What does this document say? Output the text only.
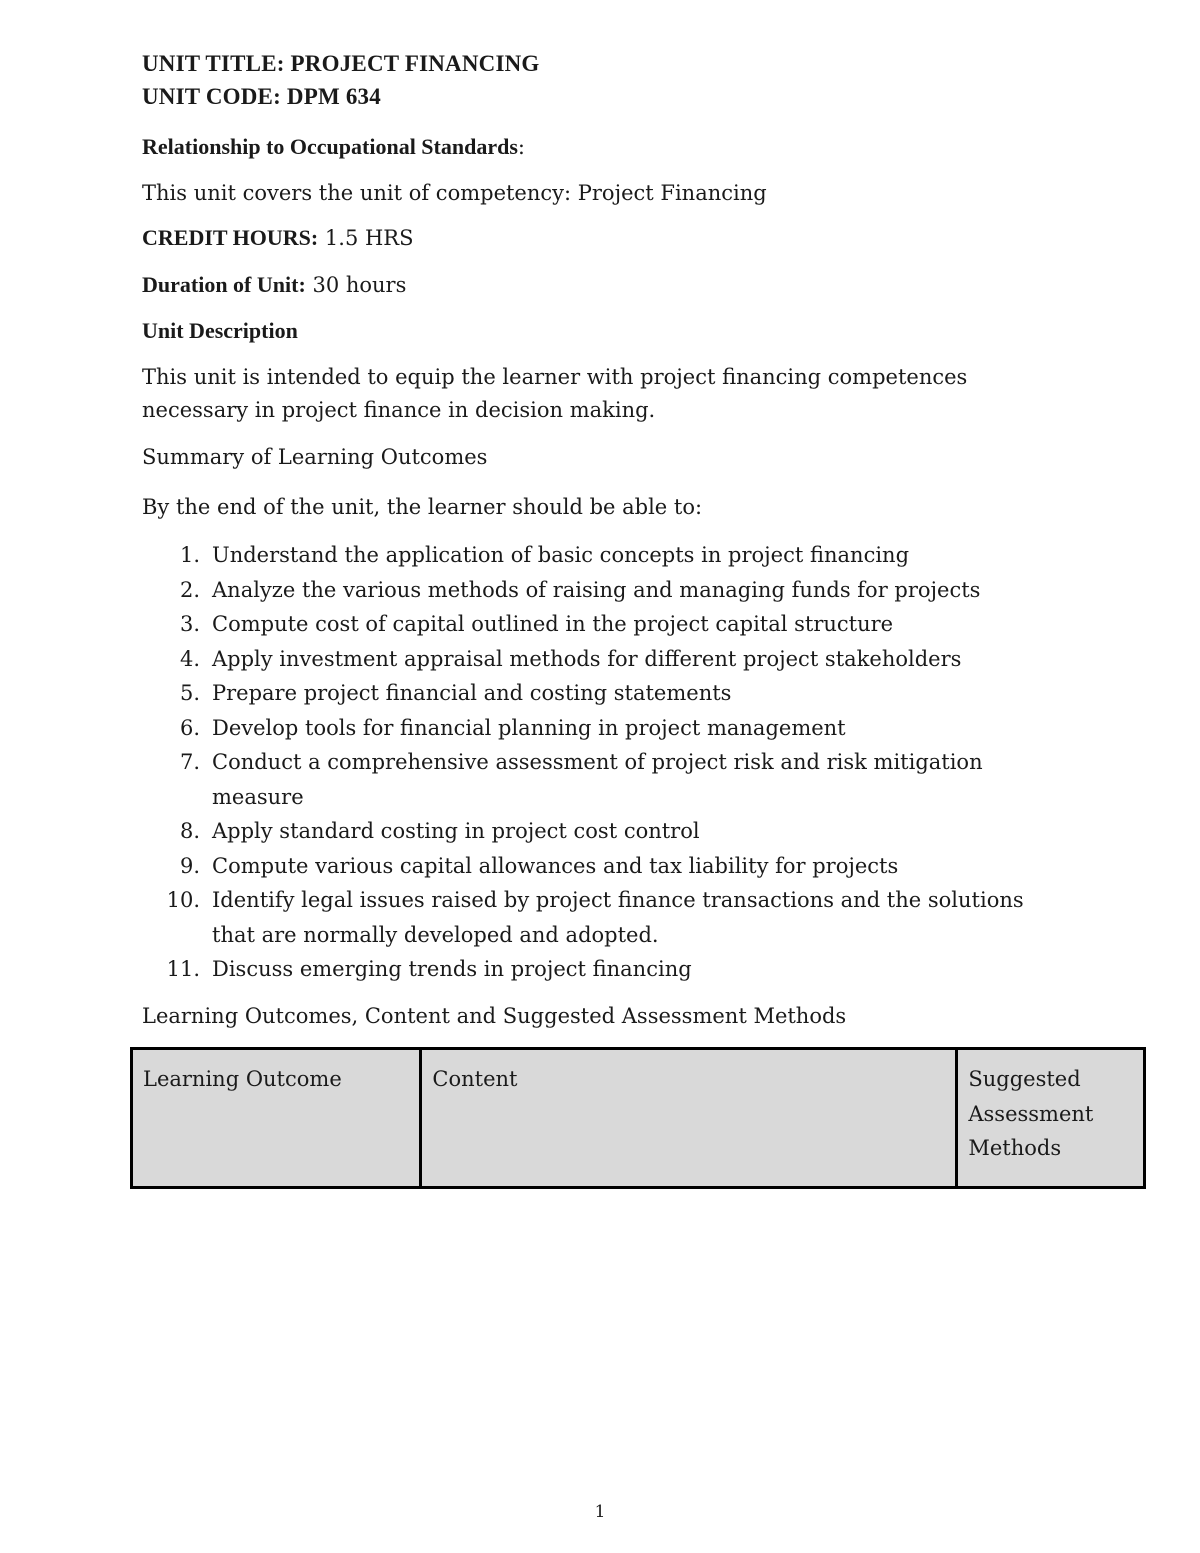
UNIT TITLE: PROJECT FINANCING
UNIT CODE: DPM 634
Relationship to Occupational Standards:
This unit covers the unit of competency: Project Financing
CREDIT HOURS: 1.5 HRS
Duration of Unit: 30 hours
Unit Description
This unit is intended to equip the learner with project financing competences necessary in project finance in decision making.
Summary of Learning Outcomes
By the end of the unit, the learner should be able to:
1. Understand the application of basic concepts in project financing
2. Analyze the various methods of raising and managing funds for projects
3. Compute cost of capital outlined in the project capital structure
4. Apply investment appraisal methods for different project stakeholders
5. Prepare project financial and costing statements
6. Develop tools for financial planning in project management
7. Conduct a comprehensive assessment of project risk and risk mitigation measure
8. Apply standard costing in project cost control
9. Compute various capital allowances and tax liability for projects
10. Identify legal issues raised by project finance transactions and the solutions that are normally developed and adopted.
11. Discuss emerging trends in project financing
Learning Outcomes, Content and Suggested Assessment Methods
Learning Outcome	Content	Suggested Assessment Methods
1
